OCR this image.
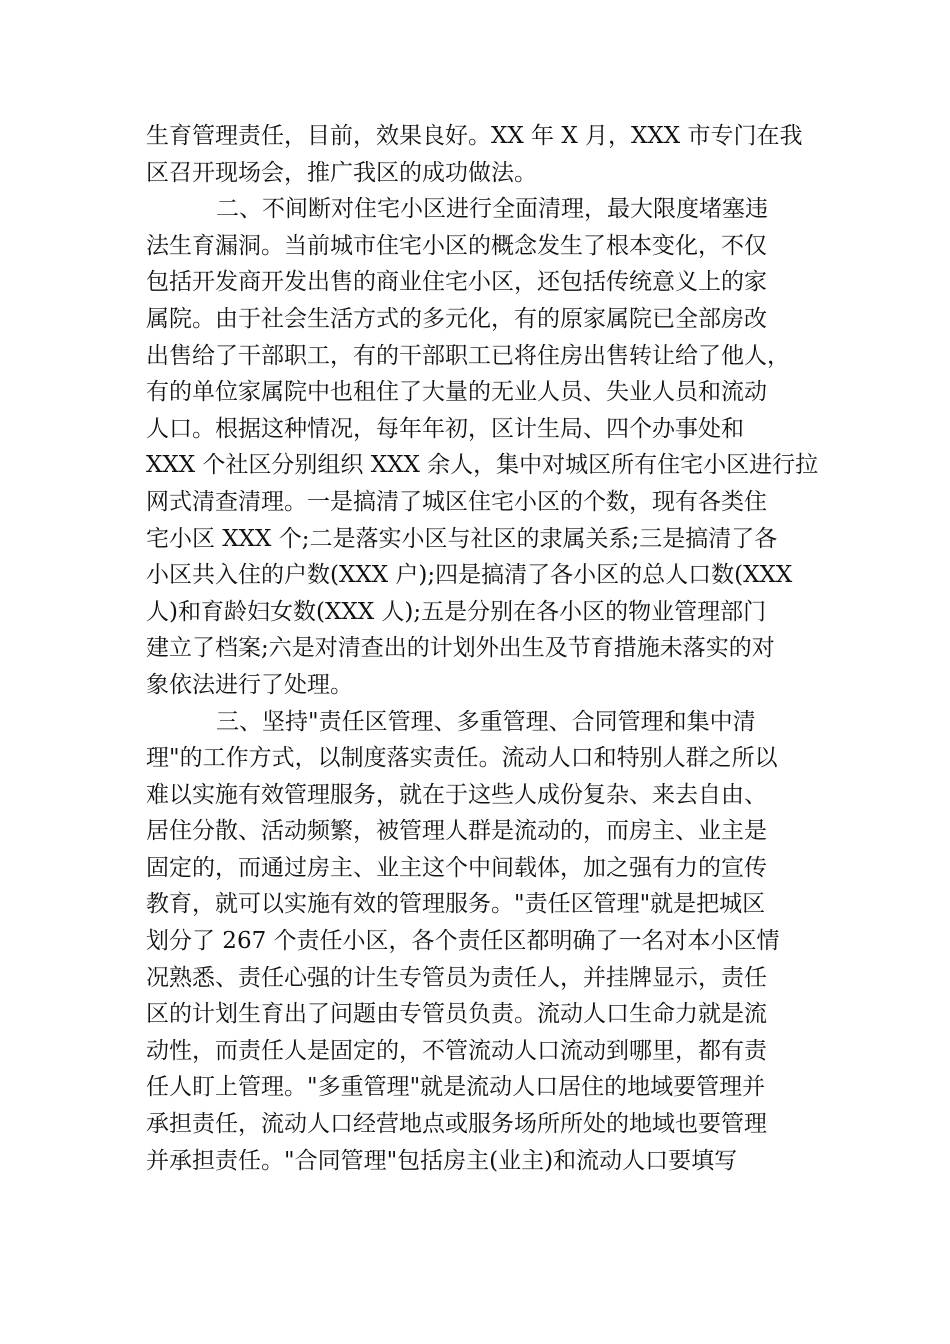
生育管理责任，目前，效果良好。XX 年 X 月，XXX 市专门在我
区召开现场会，推广我区的成功做法。
二、不间断对住宅小区进行全面清理，最大限度堵塞违
法生育漏洞。当前城市住宅小区的概念发生了根本变化，不仅
包括开发商开发出售的商业住宅小区，还包括传统意义上的家
属院。由于社会生活方式的多元化，有的原家属院已全部房改
出售给了干部职工，有的干部职工已将住房出售转让给了他人，
有的单位家属院中也租住了大量的无业人员、失业人员和流动
人口。根据这种情况，每年年初，区计生局、四个办事处和
XXX 个社区分别组织 XXX 余人，集中对城区所有住宅小区进行拉
网式清查清理。一是搞清了城区住宅小区的个数，现有各类住
宅小区 XXX 个;二是落实小区与社区的隶属关系;三是搞清了各
小区共入住的户数(XXX 户);四是搞清了各小区的总人口数(XXX
人)和育龄妇女数(XXX 人);五是分别在各小区的物业管理部门
建立了档案;六是对清查出的计划外出生及节育措施未落实的对
象依法进行了处理。
三、坚持"责任区管理、多重管理、合同管理和集中清
理"的工作方式，以制度落实责任。流动人口和特别人群之所以
难以实施有效管理服务，就在于这些人成份复杂、来去自由、
居住分散、活动频繁，被管理人群是流动的，而房主、业主是
固定的，而通过房主、业主这个中间载体，加之强有力的宣传
教育，就可以实施有效的管理服务。"责任区管理"就是把城区
划分了 267 个责任小区，各个责任区都明确了一名对本小区情
况熟悉、责任心强的计生专管员为责任人，并挂牌显示，责任
区的计划生育出了问题由专管员负责。流动人口生命力就是流
动性，而责任人是固定的，不管流动人口流动到哪里，都有责
任人盯上管理。"多重管理"就是流动人口居住的地域要管理并
承担责任，流动人口经营地点或服务场所所处的地域也要管理
并承担责任。"合同管理"包括房主(业主)和流动人口要填写
